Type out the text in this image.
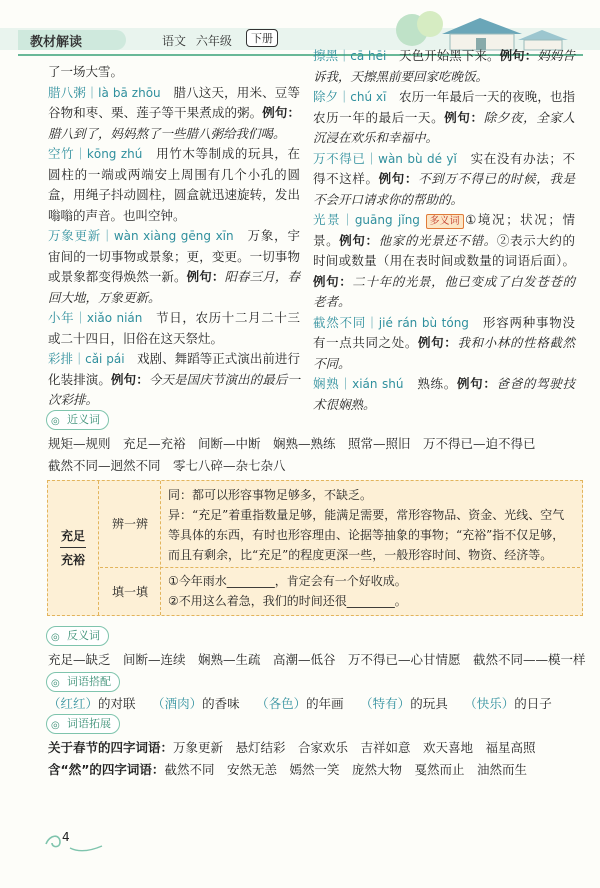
教材解读	语文 六年级	下册

了一场大雪。

腊八粥｜là bā zhōu　 腊八这天，用米、豆等谷物和枣、栗、莲子等干果煮成的粥。例句：腊八到了，妈妈熬了一些腊八粥给我们喝。

空竹｜kōng zhú　 用竹木等制成的玩具，在圆柱的一端或两端安上周围有几个小孔的圆盒，用绳子抖动圆柱，圆盒就迅速旋转，发出嗡嗡的声音。也叫空钟。

万象更新｜wàn xiàng gēng xīn　 万象，宇宙间的一切事物或景象；更，变更。一切事物或景象都变得焕然一新。例句：阳春三月，春回大地，万象更新。

小年｜xiǎo nián　 节日，农历十二月二十三或二十四日，旧俗在这天祭灶。

彩排｜cǎi pái　 戏剧、舞蹈等正式演出前进行化装排演。例句：今天是国庆节演出的最后一次彩排。

擦黑｜cā hēi　 天色开始黑下来。例句：妈妈告诉我，天擦黑前要回家吃晚饭。

除夕｜chú xī　 农历一年最后一天的夜晚，也指农历一年的最后一天。例句：除夕夜，全家人沉浸在欢乐和幸福中。

万不得已｜wàn bù dé yǐ　 实在没有办法；不得不这样。例句：不到万不得已的时候，我是不会开口请求你的帮助的。

光景｜guāng jǐng 多义词 ①境况；状况；情景。例句：他家的光景还不错。②表示大约的时间或数量（用在表时间或数量的词语后面）。例句：二十年的光景，他已变成了白发苍苍的老者。

截然不同｜jié rán bù tóng　 形容两种事物没有一点共同之处。例句：我和小林的性格截然不同。

娴熟｜xián shú　 熟练。例句：爸爸的驾驶技术很娴熟。

◎ 近义词
规矩—规则　充足—充裕　间断—中断　娴熟—熟练　照常—照旧　万不得已—迫不得已
截然不同—迥然不同　零七八碎—杂七杂八
充足
充裕
辨一辨
填一填
同：都可以形容事物足够多，不缺乏。
异：“充足”着重指数量足够，能满足需要，常形容物品、资金、光线、空气等具体的东西，有时也形容理由、论据等抽象的事物；“充裕”指不仅足够，而且有剩余，比“充足”的程度更深一些，一般形容时间、物资、经济等。
①今年雨水________，肯定会有一个好收成。
②不用这么着急，我们的时间还很________。
◎ 反义词
充足—缺乏　间断—连续　娴熟—生疏　高潮—低谷　万不得已—心甘情愿　截然不同——模一样
◎ 词语搭配
（红红）的对联　 （酒肉）的香味　 （各色）的年画　 （特有）的玩具　 （快乐）的日子
◎ 词语拓展
关于春节的四字词语：万象更新　悬灯结彩　合家欢乐　吉祥如意　欢天喜地　福星高照
含“然”的四字词语：截然不同　安然无恙　嫣然一笑　庞然大物　戛然而止　油然而生
4
